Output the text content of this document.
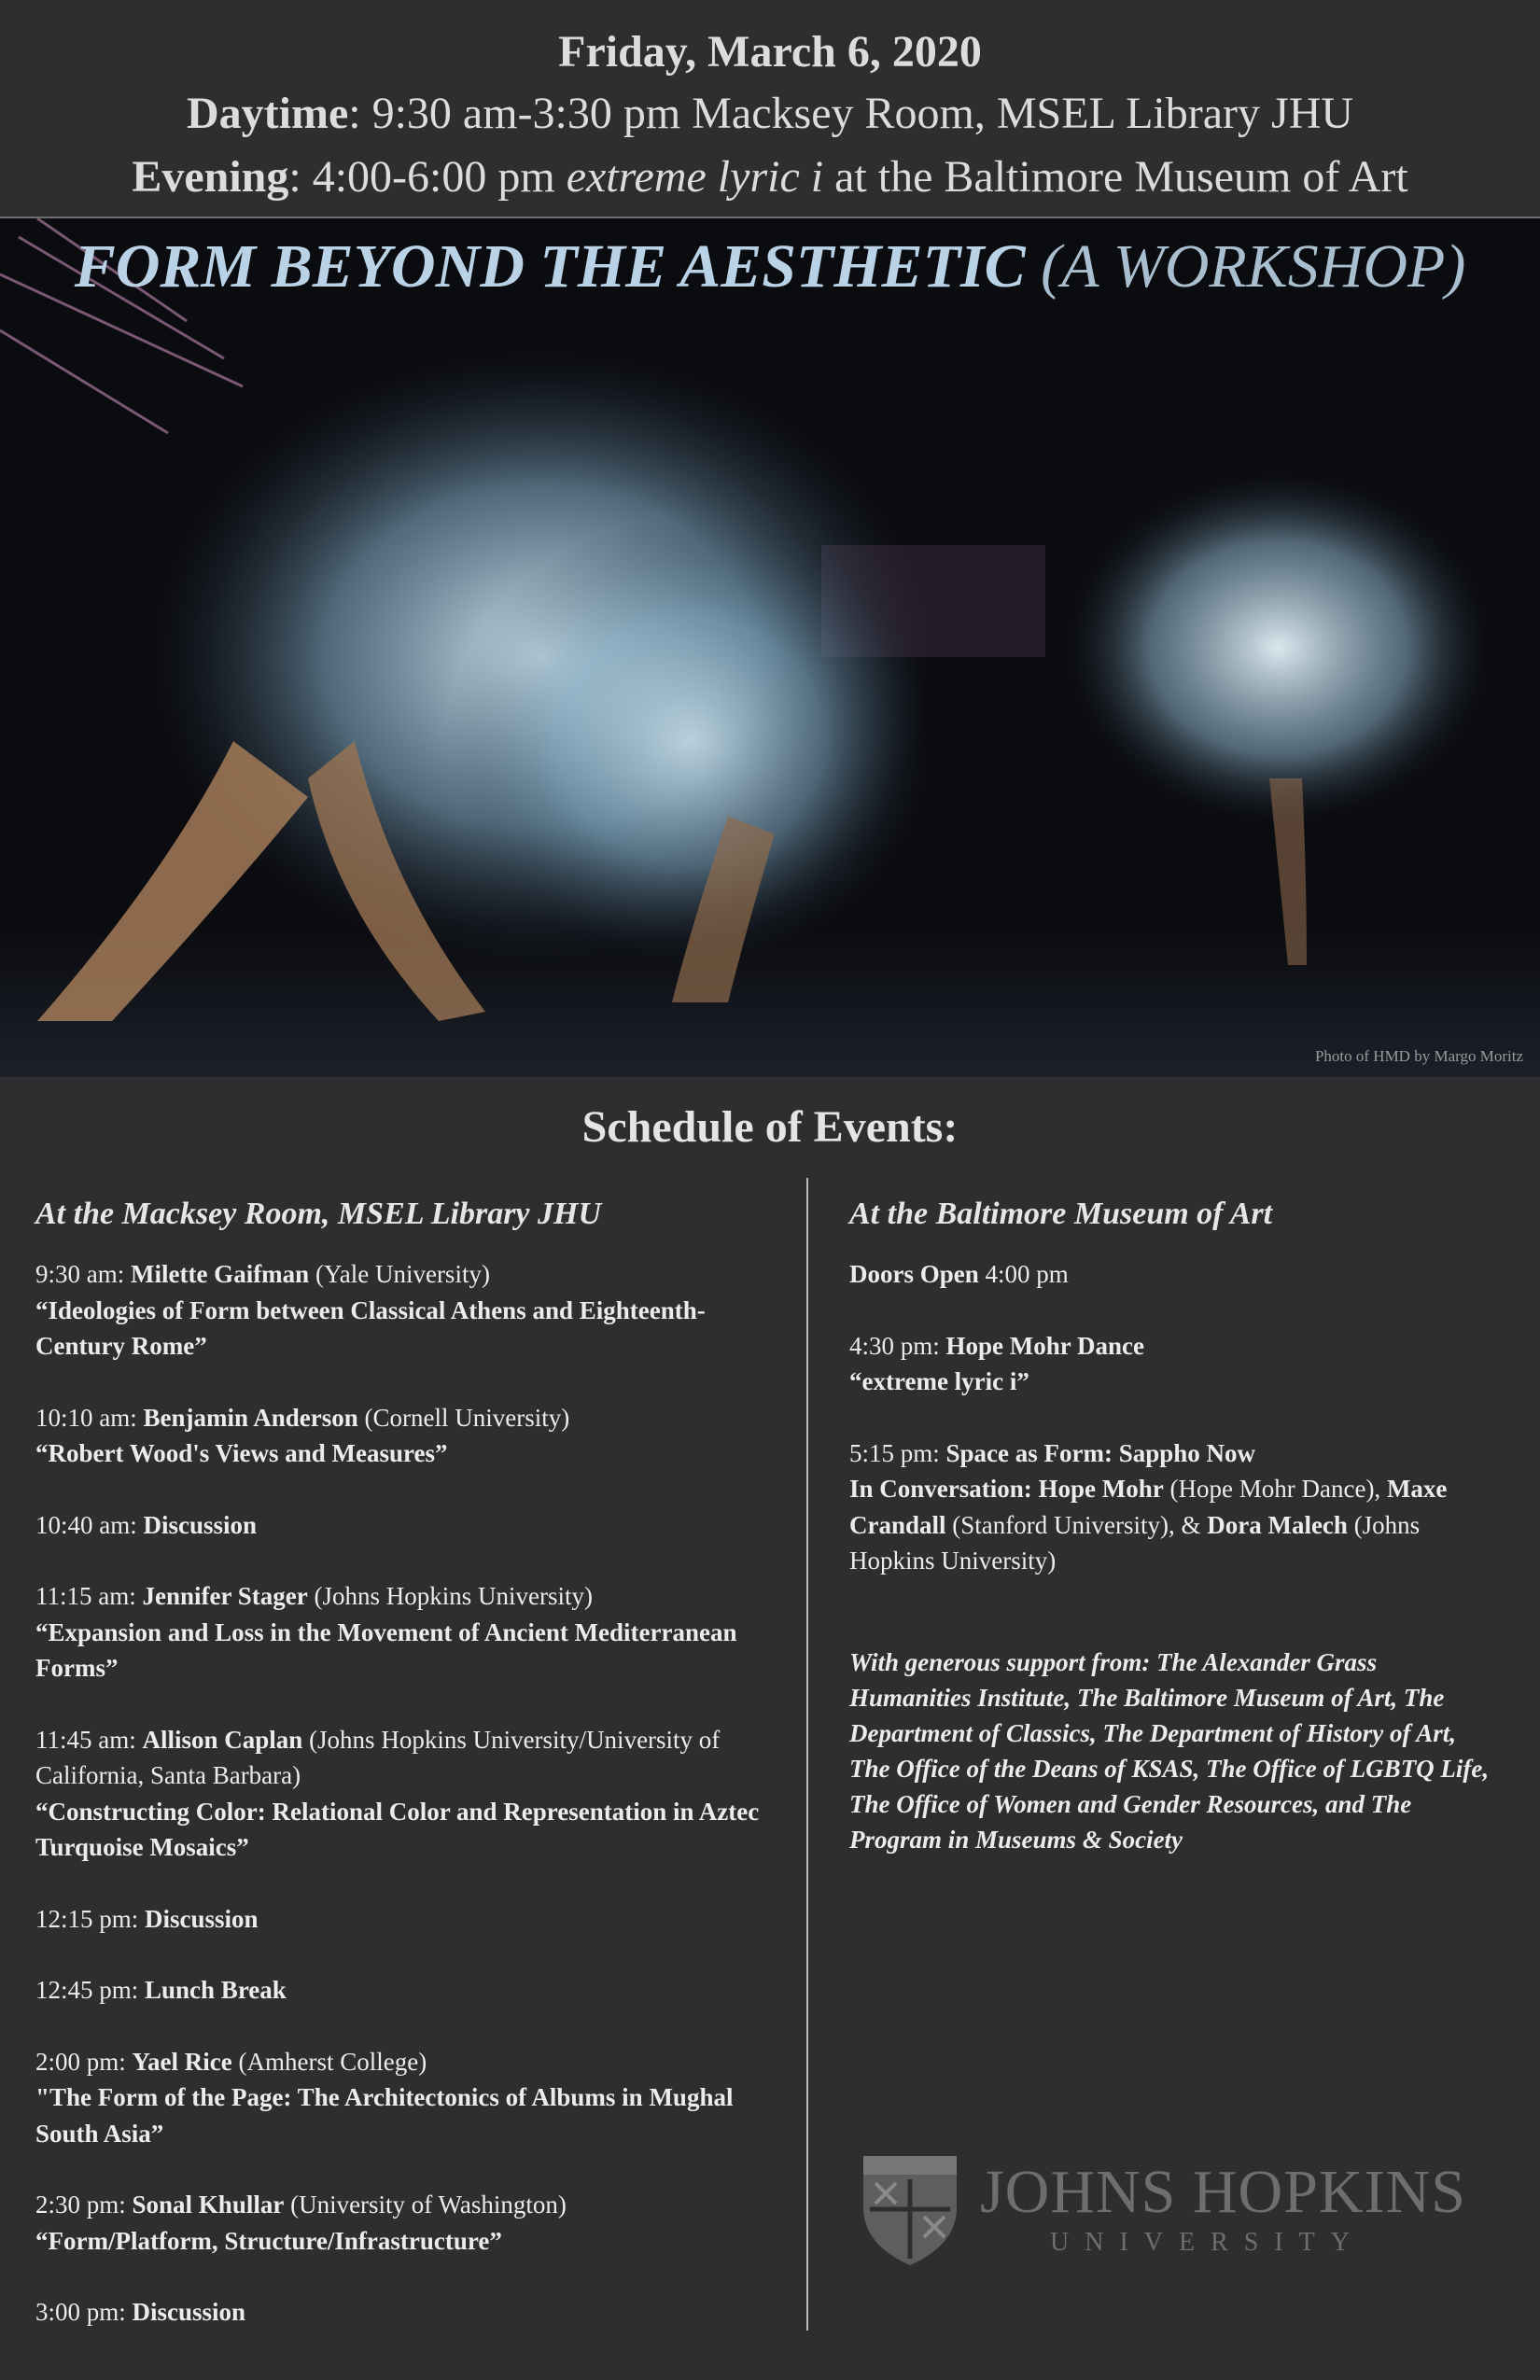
Friday, March 6, 2020
Daytime: 9:30 am-3:30 pm Macksey Room, MSEL Library JHU
Evening: 4:00-6:00 pm extreme lyric i at the Baltimore Museum of Art
FORM BEYOND THE AESTHETIC (A WORKSHOP)
Photo of HMD by Margo Moritz
Schedule of Events:
At the Macksey Room, MSEL Library JHU
9:30 am: Milette Gaifman (Yale University)
“Ideologies of Form between Classical Athens and Eighteenth-Century Rome”
10:10 am: Benjamin Anderson (Cornell University)
“Robert Wood's Views and Measures”
10:40 am: Discussion
11:15 am: Jennifer Stager (Johns Hopkins University)
“Expansion and Loss in the Movement of Ancient Mediterranean Forms”
11:45 am: Allison Caplan (Johns Hopkins University/University of California, Santa Barbara)
“Constructing Color: Relational Color and Representation in Aztec Turquoise Mosaics”
12:15 pm: Discussion
12:45 pm: Lunch Break
2:00 pm: Yael Rice (Amherst College)
"The Form of the Page: The Architectonics of Albums in Mughal South Asia”
2:30 pm: Sonal Khullar (University of Washington)
“Form/Platform, Structure/Infrastructure”
3:00 pm: Discussion
At the Baltimore Museum of Art
Doors Open 4:00 pm
4:30 pm: Hope Mohr Dance
“extreme lyric i”
5:15 pm: Space as Form: Sappho Now
In Conversation: Hope Mohr (Hope Mohr Dance), Maxe Crandall (Stanford University), & Dora Malech (Johns Hopkins University)
With generous support from: The Alexander Grass Humanities Institute, The Baltimore Museum of Art, The Department of Classics, The Department of History of Art, The Office of the Deans of KSAS, The Office of LGBTQ Life, The Office of Women and Gender Resources, and The Program in Museums & Society
JOHNS HOPKINS
UNIVERSITY
